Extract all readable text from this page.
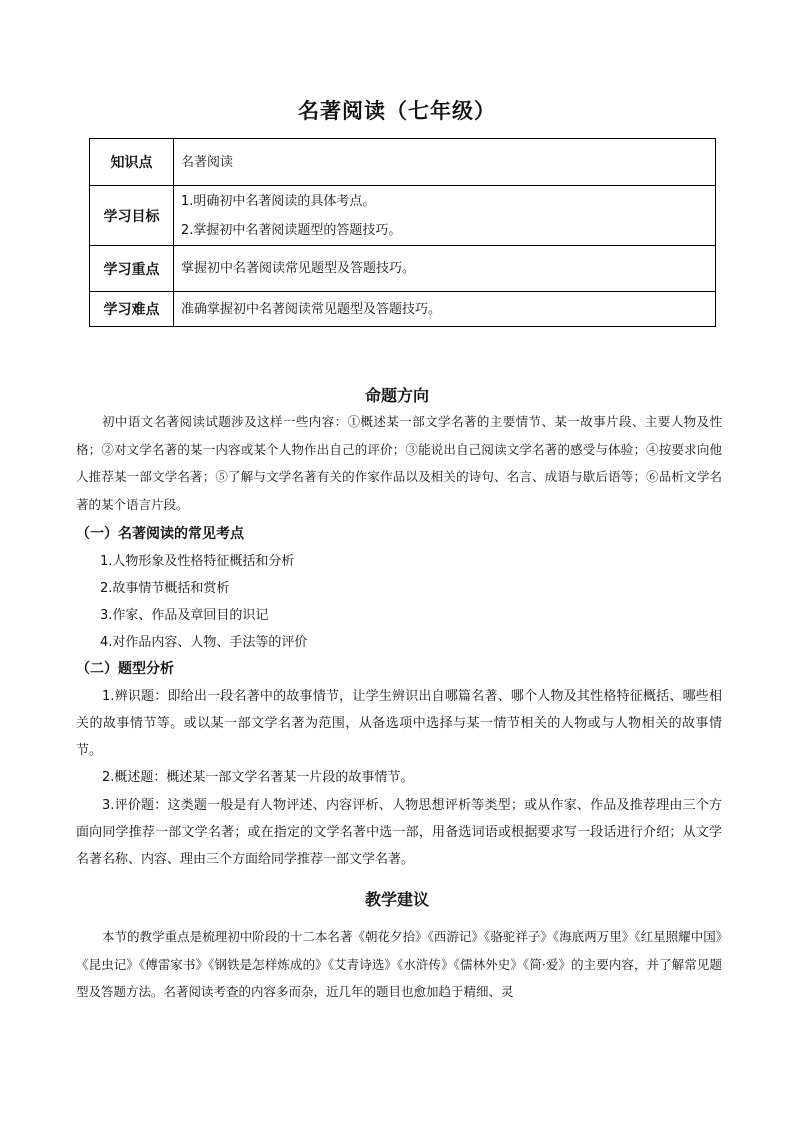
名著阅读（七年级）
知识点	名著阅读

学习目标	1.明确初中名著阅读的具体考点。
2.掌握初中名著阅读题型的答题技巧。

学习重点	掌握初中名著阅读常见题型及答题技巧。

学习难点	准确掌握初中名著阅读常见题型及答题技巧。
命题方向
初中语文名著阅读试题涉及这样一些内容：①概述某一部文学名著的主要情节、某一故事片段、主要人物及性格；②对文学名著的某一内容或某个人物作出自己的评价；③能说出自己阅读文学名著的感受与体验；④按要求向他人推荐某一部文学名著；⑤了解与文学名著有关的作家作品以及相关的诗句、名言、成语与歇后语等；⑥品析文学名著的某个语言片段。
（一）名著阅读的常见考点
1.人物形象及性格特征概括和分析
2.故事情节概括和赏析
3.作家、作品及章回目的识记
4.对作品内容、人物、手法等的评价
（二）题型分析
1.辨识题：即给出一段名著中的故事情节，让学生辨识出自哪篇名著、哪个人物及其性格特征概括、哪些相关的故事情节等。或以某一部文学名著为范围，从备选项中选择与某一情节相关的人物或与人物相关的故事情节。
2.概述题：概述某一部文学名著某一片段的故事情节。
3.评价题：这类题一般是有人物评述、内容评析、人物思想评析等类型；或从作家、作品及推荐理由三个方面向同学推荐一部文学名著；或在指定的文学名著中选一部，用备选词语或根据要求写一段话进行介绍；从文学名著名称、内容、理由三个方面给同学推荐一部文学名著。
教学建议
本节的教学重点是梳理初中阶段的十二本名著《朝花夕拾》《西游记》《骆驼祥子》《海底两万里》《红星照耀中国》《昆虫记》《傅雷家书》《钢铁是怎样炼成的》《艾青诗选》《水浒传》《儒林外史》《简·爱》的主要内容，并了解常见题型及答题方法。名著阅读考查的内容多而杂，近几年的题目也愈加趋于精细、灵
